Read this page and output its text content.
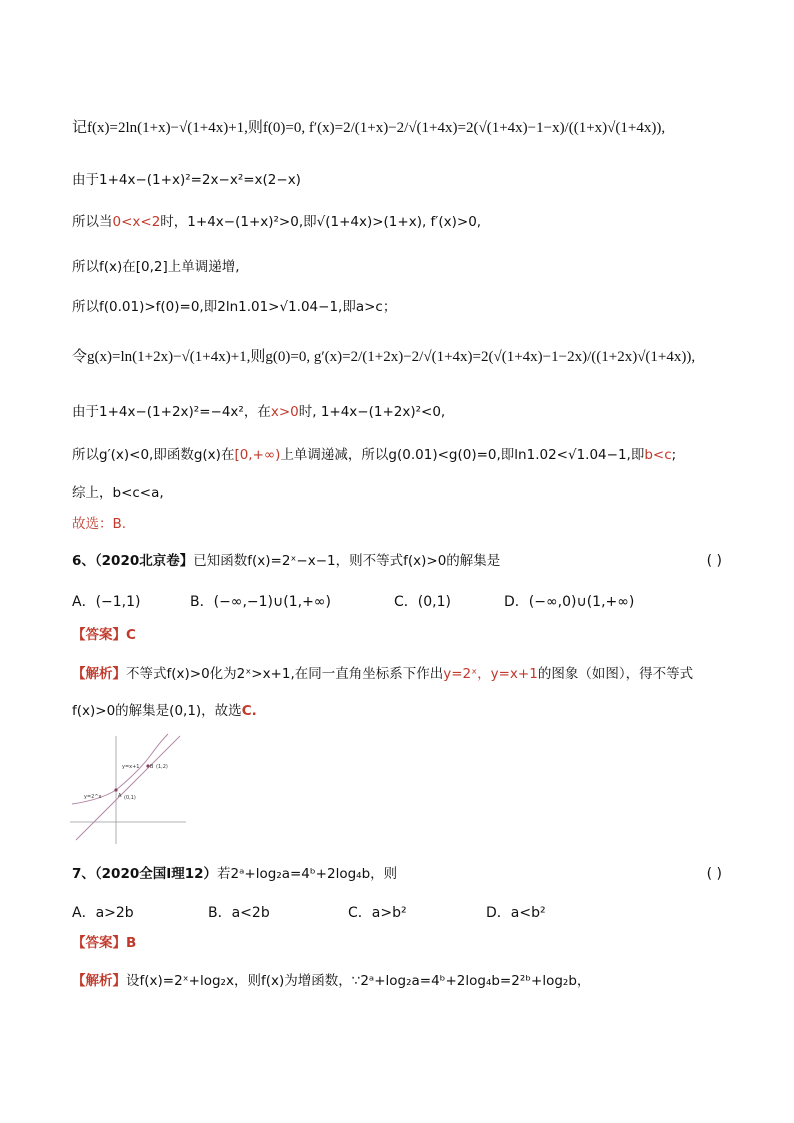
记f(x)=2ln(1+x)−√(1+4x)+1,则f(0)=0, f′(x)=2/(1+x)−2/√(1+4x)=2(√(1+4x)−1−x)/((1+x)√(1+4x)),
由于1+4x−(1+x)²=2x−x²=x(2−x)
所以当0<x<2时，1+4x−(1+x)²>0,即√(1+4x)>(1+x), f′(x)>0,
所以f(x)在[0,2]上单调递增,
所以f(0.01)>f(0)=0,即2ln1.01>√1.04−1,即a>c；
令g(x)=ln(1+2x)−√(1+4x)+1,则g(0)=0, g′(x)=2/(1+2x)−2/√(1+4x)=2(√(1+4x)−1−2x)/((1+2x)√(1+4x)),
由于1+4x−(1+2x)²=−4x²，在x>0时, 1+4x−(1+2x)²<0,
所以g′(x)<0,即函数g(x)在[0,+∞)上单调递减，所以g(0.01)<g(0)=0,即ln1.02<√1.04−1,即b<c;
综上，b<c<a,
故选：B.
6、（2020北京卷】已知函数f(x)=2ˣ−x−1，则不等式f(x)>0的解集是	( )
A．(−1,1)	B．(−∞,−1)∪(1,+∞)	C．(0,1)	D．(−∞,0)∪(1,+∞)
【答案】C
【解析】不等式f(x)>0化为2ˣ>x+1,在同一直角坐标系下作出y=2ˣ，y=x+1的图象（如图），得不等式
f(x)>0的解集是(0,1)，故选C.
y=2^x
y=x+1
A (0,1)
B (1,2)
7、（2020全国Ⅰ理12）若2ᵃ+log₂a=4ᵇ+2log₄b，则	( )
A．a>2b	B．a<2b	C．a>b²	D．a<b²
【答案】B
【解析】设f(x)=2ˣ+log₂x，则f(x)为增函数，∵2ᵃ+log₂a=4ᵇ+2log₄b=2²ᵇ+log₂b，
